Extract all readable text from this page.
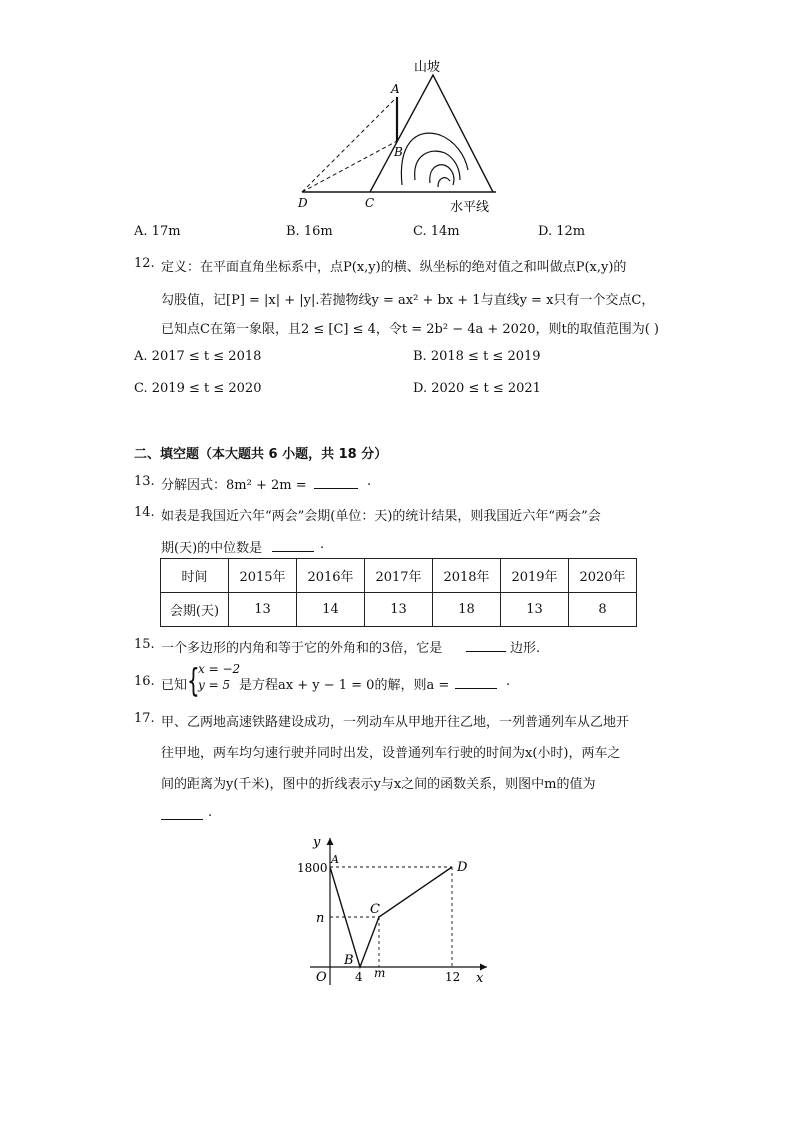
山坡
A
B
C
D	水平线
A. 17m	B. 16m	C. 14m	D. 12m
12. 定义：在平面直角坐标系中，点P(x,y)的横、纵坐标的绝对值之和叫做点P(x,y)的
勾股值，记[P] = |x| + |y|.若抛物线y = ax² + bx + 1与直线y = x只有一个交点C，
已知点C在第一象限，且2 ≤ [C] ≤ 4，令t = 2b² − 4a + 2020，则t的取值范围为( )
A. 2017 ≤ t ≤ 2018	B. 2018 ≤ t ≤ 2019
C. 2019 ≤ t ≤ 2020	D. 2020 ≤ t ≤ 2021
二、填空题（本大题共 6 小题，共 18 分）
13. 分解因式：8m² + 2m =	.
14. 如表是我国近六年“两会”会期(单位：天)的统计结果，则我国近六年“两会”会
期(天)的中位数是	.
时间	2015年	2016年	2017年	2018年	2019年	2020年
会期(天)	13	14	13	18	13	8
15. 一个多边形的内角和等于它的外角和的3倍，它是	边形.
16. 已知 {
x = −2
y = 5 是方程ax + y − 1 = 0的解，则a =	.
17. 甲、乙两地高速铁路建设成功，一列动车从甲地开往乙地，一列普通列车从乙地开
往甲地，两车均匀速行驶并同时出发，设普通列车行驶的时间为x(小时)，两车之
间的距离为y(千米)，图中的折线表示y与x之间的函数关系，则图中m的值为
.
y
x
O
1800
n
4 m	12
A
B
C
D
